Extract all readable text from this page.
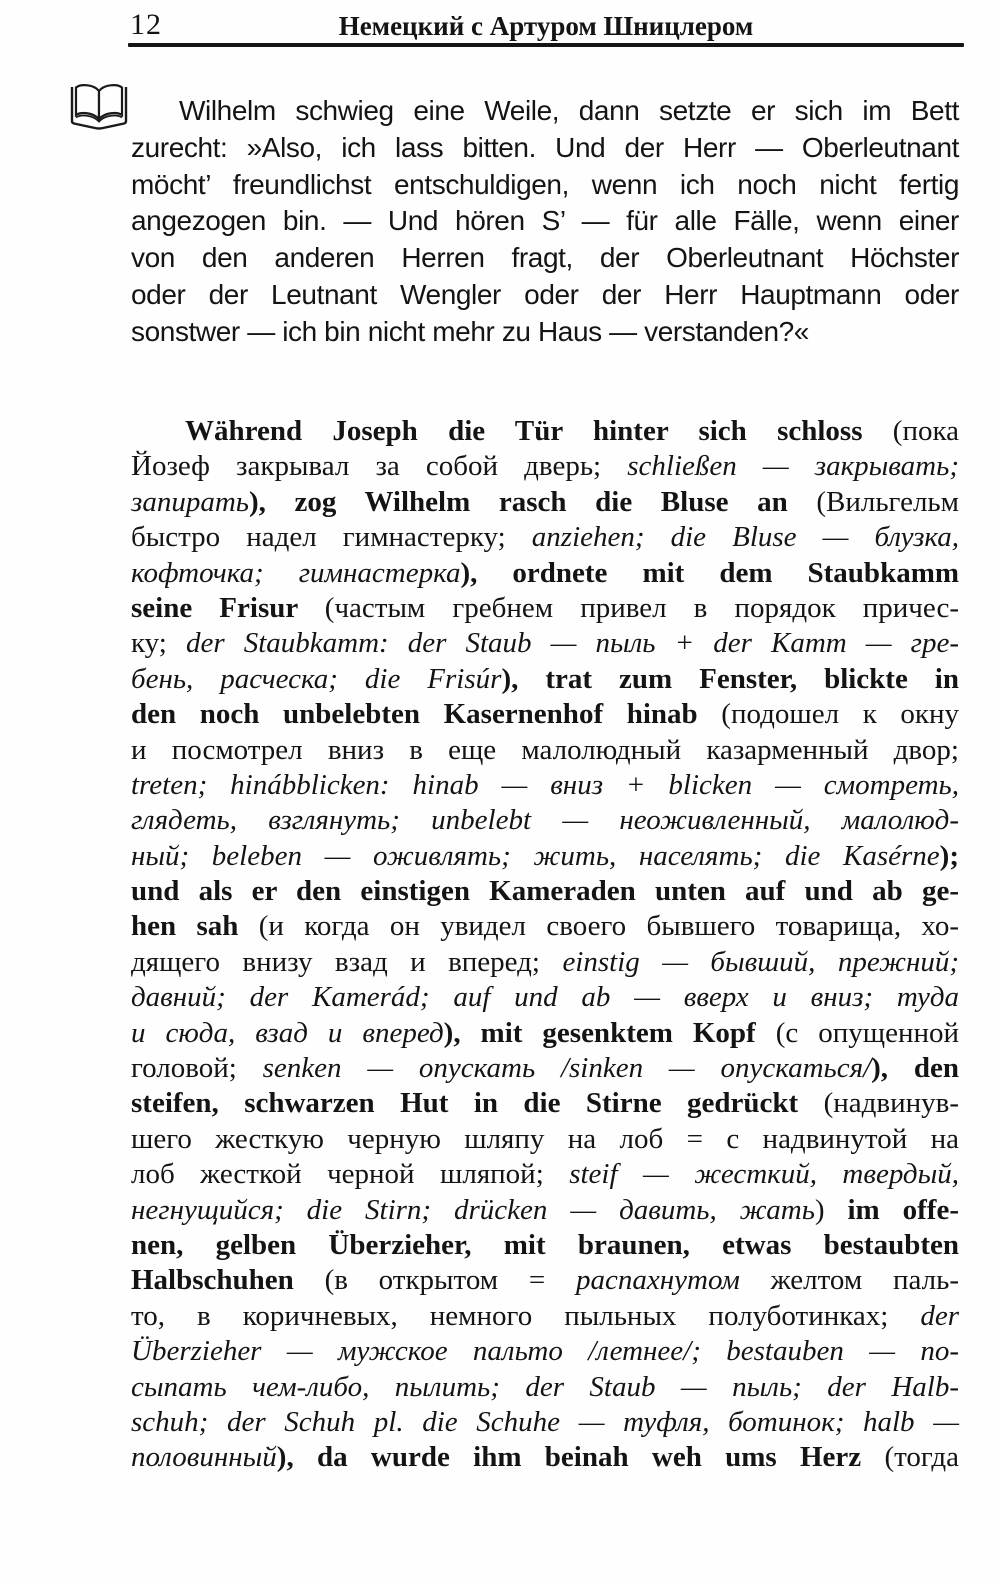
12	Немецкий с Артуром Шницлером
Wilhelm schwieg eine Weile, dann setzte er sich im Bett
zurecht: »Also, ich lass bitten. Und der Herr — Oberleutnant
möcht’ freundlichst entschuldigen, wenn ich noch nicht fertig
angezogen bin. — Und hören S’ — für alle Fälle, wenn einer
von den anderen Herren fragt, der Oberleutnant Höchster
oder der Leutnant Wengler oder der Herr Hauptmann oder
sonstwer — ich bin nicht mehr zu Haus — verstanden?«
Während Joseph die Tür hinter sich schloss (пока
Йозеф закрывал за собой дверь; schließen — закрывать;
запирать), zog Wilhelm rasch die Bluse an (Вильгельм
быстро надел гимнастерку; anziehen; die Bluse — блузка,
кофточка; гимнастерка), ordnete mit dem Staubkamm
seine Frisur (частым гребнем привел в порядок причес-
ку; der Staubkamm: der Staub — пыль + der Kamm — гре-
бень, расческа; die Frisúr), trat zum Fenster, blickte in
den noch unbelebten Kasernenhof hinab (подошел к окну
и посмотрел вниз в еще малолюдный казарменный двор;
treten; hinábblicken: hinab — вниз + blicken — смотреть,
глядеть, взглянуть; unbelebt — неоживленный, малолюд-
ный; beleben — оживлять; жить, населять; die Kasérne);
und als er den einstigen Kameraden unten auf und ab ge-
hen sah (и когда он увидел своего бывшего товарища, хо-
дящего внизу взад и вперед; einstig — бывший, прежний;
давний; der Kamerád; auf und ab — вверх и вниз; туда
и сюда, взад и вперед), mit gesenktem Kopf (с опущенной
головой; senken — опускать /sinken — опускаться/), den
steifen, schwarzen Hut in die Stirne gedrückt (надвинув-
шего жесткую черную шляпу на лоб = с надвинутой на
лоб жесткой черной шляпой; steif — жесткий, твердый,
негнущийся; die Stirn; drücken — давить, жать) im offe-
nen, gelben Überzieher, mit braunen, etwas bestaubten
Halbschuhen (в открытом = распахнутом желтом паль-
то, в коричневых, немного пыльных полуботинках; der
Überzieher — мужское пальто /летнее/; bestauben — по-
сыпать чем-либо, пылить; der Staub — пыль; der Halb-
schuh; der Schuh pl. die Schuhe — туфля, ботинок; halb —
половинный), da wurde ihm beinah weh ums Herz (тогда
